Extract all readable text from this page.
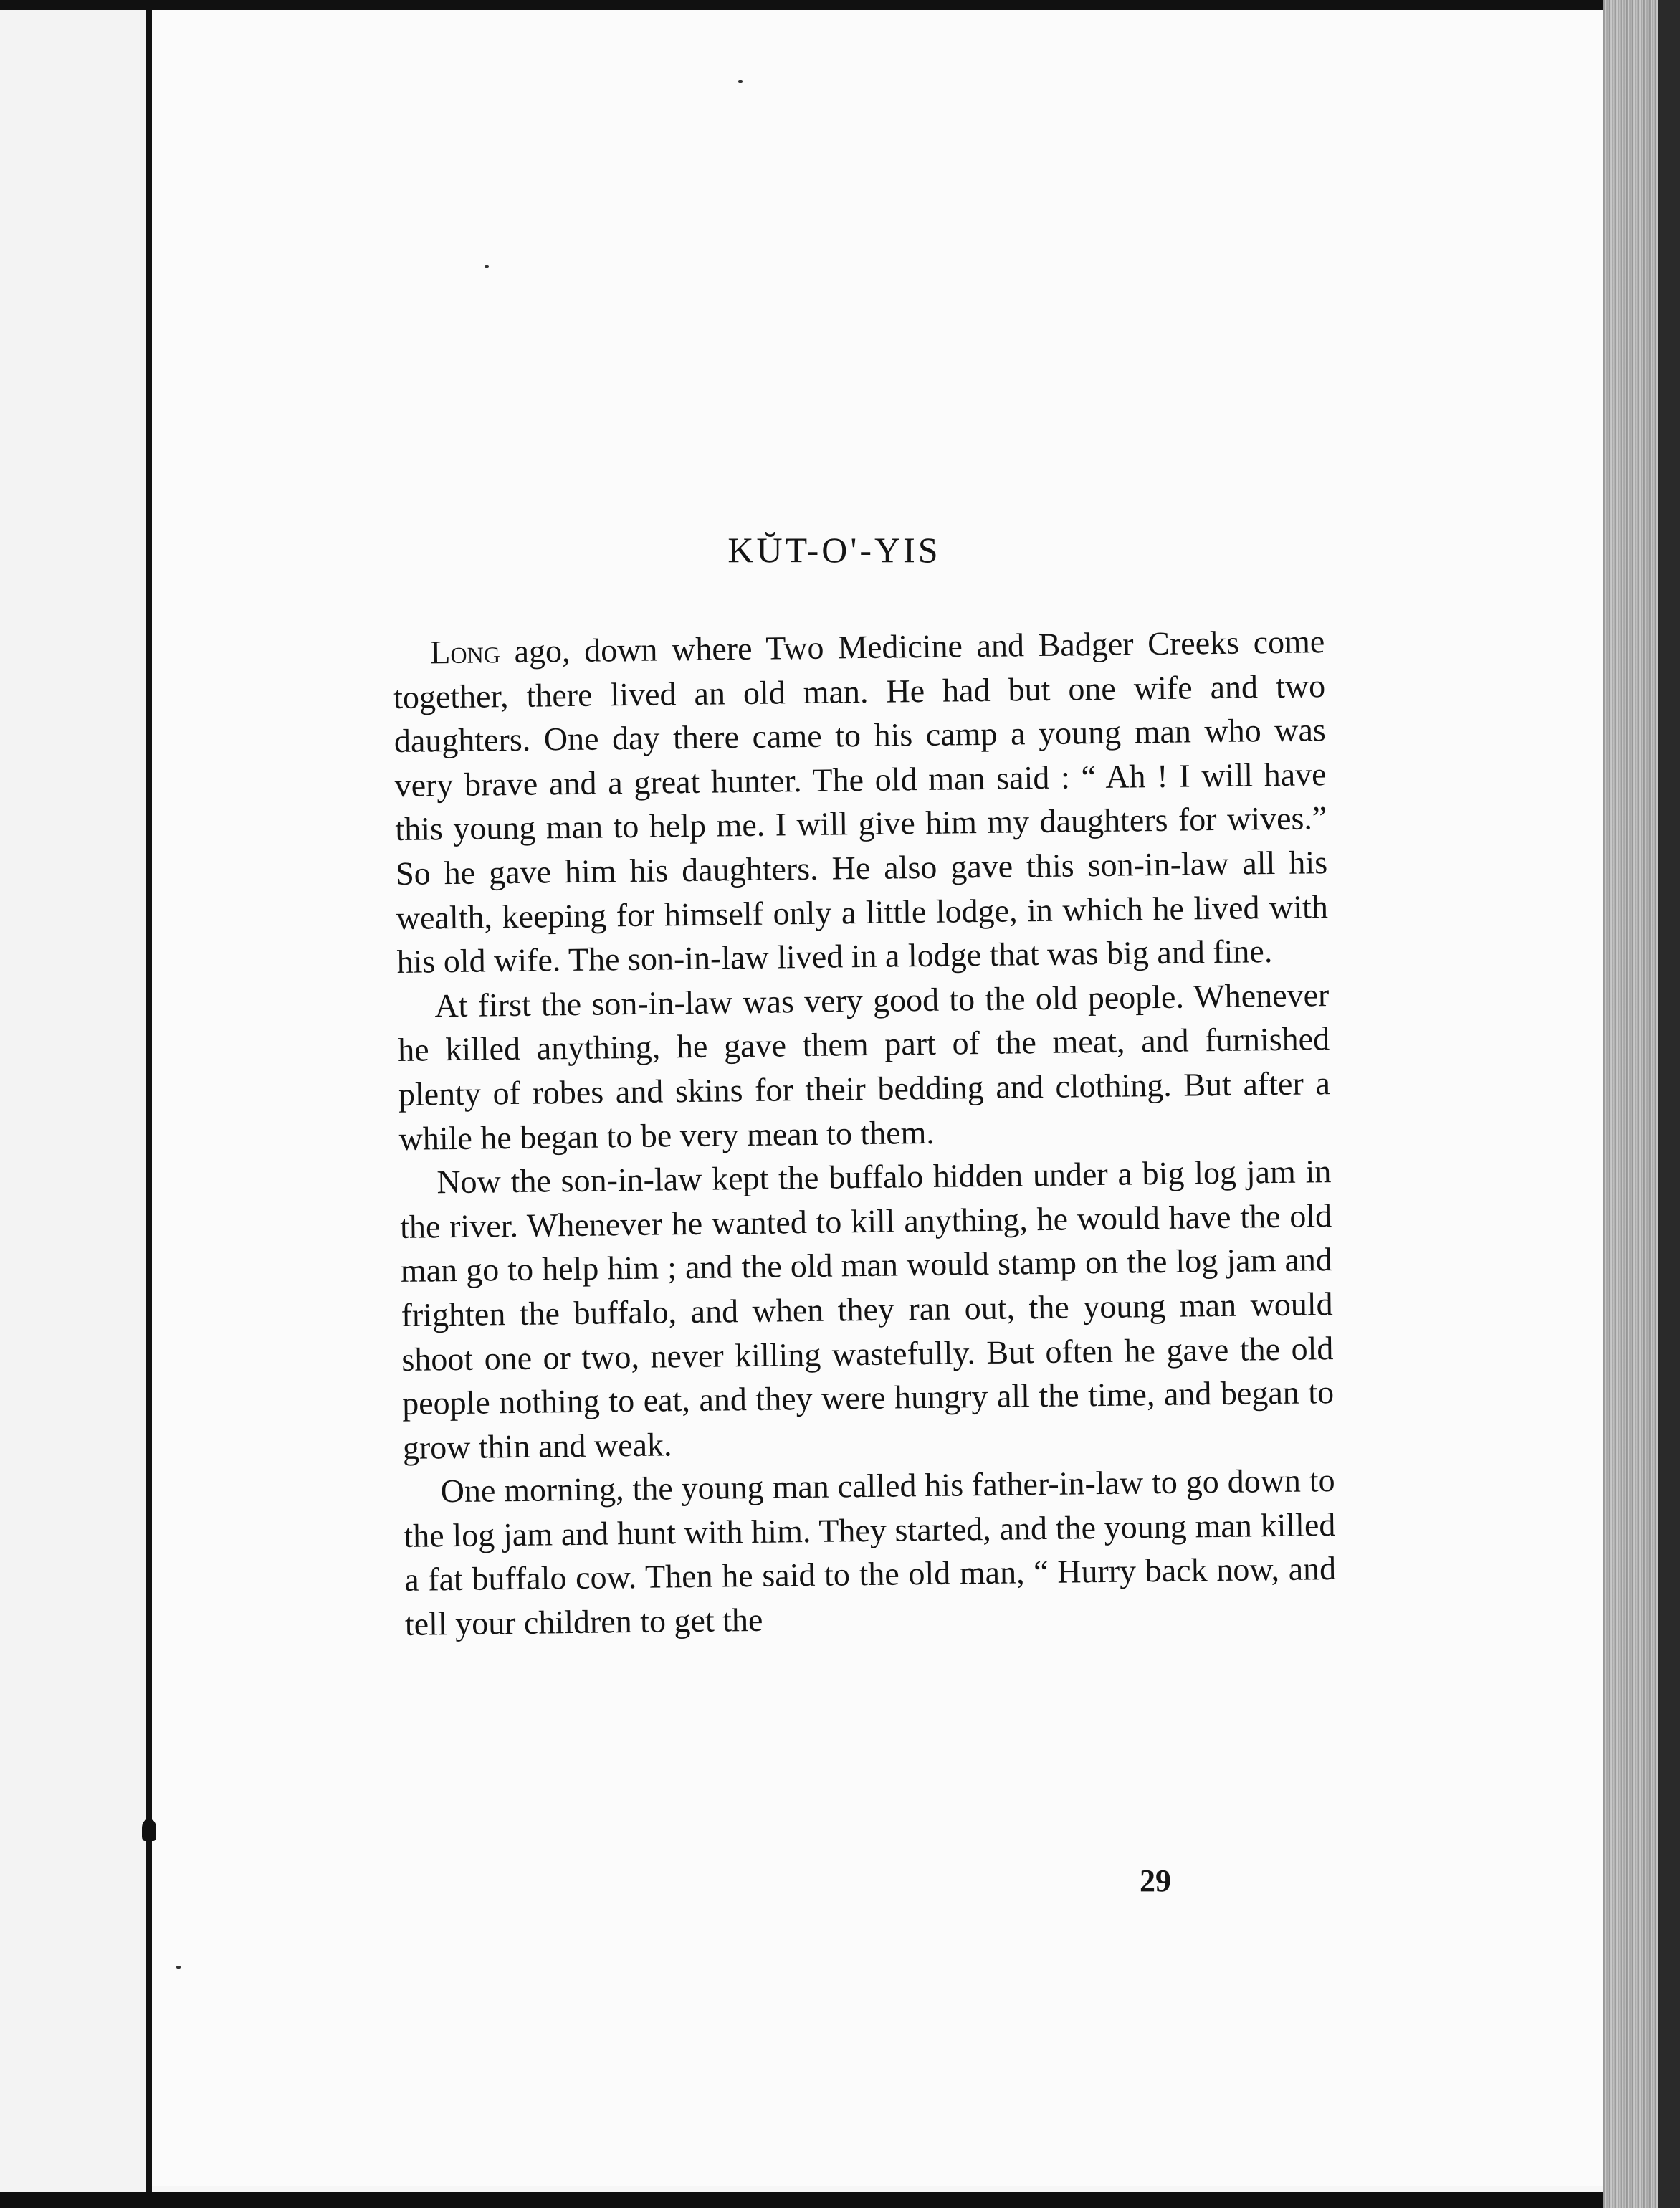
KŬT-O'-YIS

Long ago, down where Two Medicine and Badger Creeks come together, there lived an old man. He had but one wife and two daughters. One day there came to his camp a young man who was very brave and a great hunter. The old man said : “ Ah ! I will have this young man to help me. I will give him my daughters for wives.” So he gave him his daughters. He also gave this son-in-law all his wealth, keeping for himself only a little lodge, in which he lived with his old wife. The son-in-law lived in a lodge that was big and fine.

At first the son-in-law was very good to the old people. Whenever he killed anything, he gave them part of the meat, and furnished plenty of robes and skins for their bedding and clothing. But after a while he began to be very mean to them.

Now the son-in-law kept the buffalo hidden under a big log jam in the river. Whenever he wanted to kill anything, he would have the old man go to help him ; and the old man would stamp on the log jam and frighten the buffalo, and when they ran out, the young man would shoot one or two, never killing wastefully. But often he gave the old people nothing to eat, and they were hungry all the time, and began to grow thin and weak.

One morning, the young man called his father-in-law to go down to the log jam and hunt with him. They started, and the young man killed a fat buffalo cow. Then he said to the old man, “ Hurry back now, and tell your children to get the

29
